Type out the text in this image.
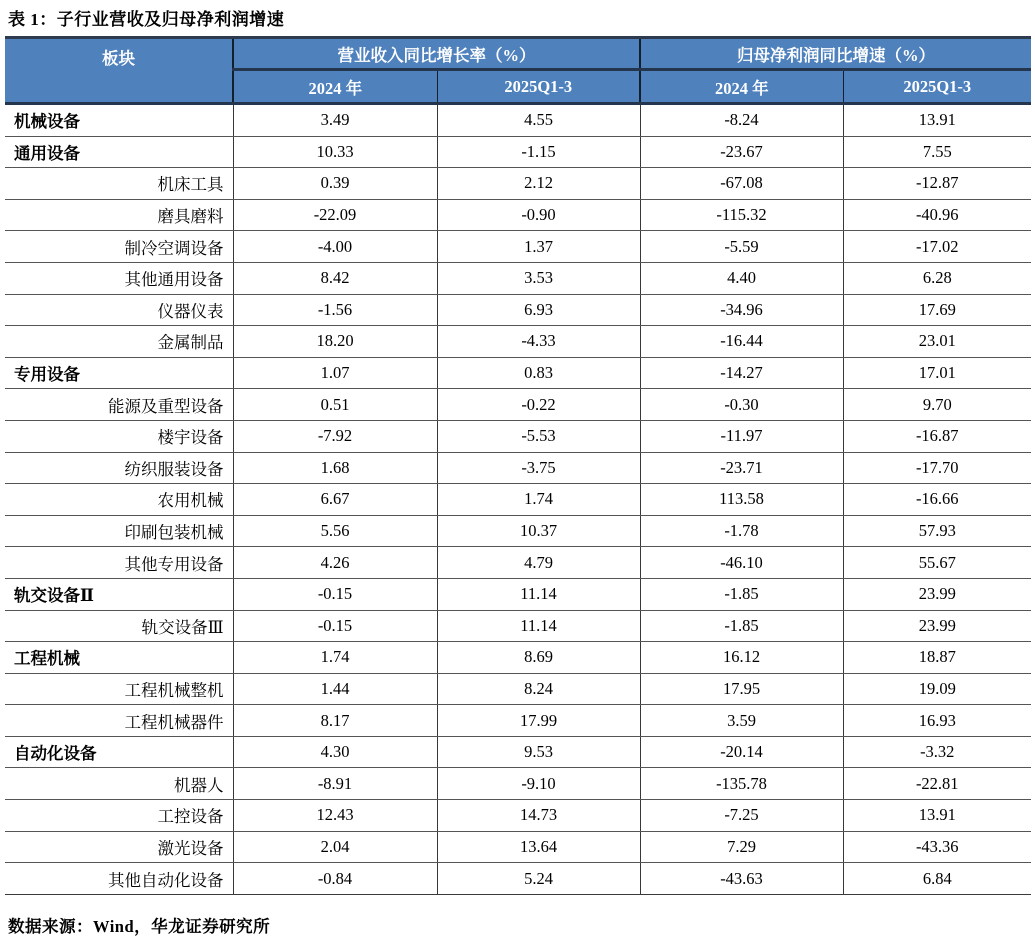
表 1：子行业营收及归母净利润增速
板块	营业收入同比增长率（%）		归母净利润同比增速（%）	
	2024 年	2025Q1-3	2024 年	2025Q1-3
机械设备	3.49	4.55	-8.24	13.91
通用设备	10.33	-1.15	-23.67	7.55
机床工具	0.39	2.12	-67.08	-12.87
磨具磨料	-22.09	-0.90	-115.32	-40.96
制冷空调设备	-4.00	1.37	-5.59	-17.02
其他通用设备	8.42	3.53	4.40	6.28
仪器仪表	-1.56	6.93	-34.96	17.69
金属制品	18.20	-4.33	-16.44	23.01
专用设备	1.07	0.83	-14.27	17.01
能源及重型设备	0.51	-0.22	-0.30	9.70
楼宇设备	-7.92	-5.53	-11.97	-16.87
纺织服装设备	1.68	-3.75	-23.71	-17.70
农用机械	6.67	1.74	113.58	-16.66
印刷包装机械	5.56	10.37	-1.78	57.93
其他专用设备	4.26	4.79	-46.10	55.67
轨交设备Ⅱ	-0.15	11.14	-1.85	23.99
轨交设备Ⅲ	-0.15	11.14	-1.85	23.99
工程机械	1.74	8.69	16.12	18.87
工程机械整机	1.44	8.24	17.95	19.09
工程机械器件	8.17	17.99	3.59	16.93
自动化设备	4.30	9.53	-20.14	-3.32
机器人	-8.91	-9.10	-135.78	-22.81
工控设备	12.43	14.73	-7.25	13.91
激光设备	2.04	13.64	7.29	-43.36
其他自动化设备	-0.84	5.24	-43.63	6.84
数据来源：Wind，华龙证券研究所
